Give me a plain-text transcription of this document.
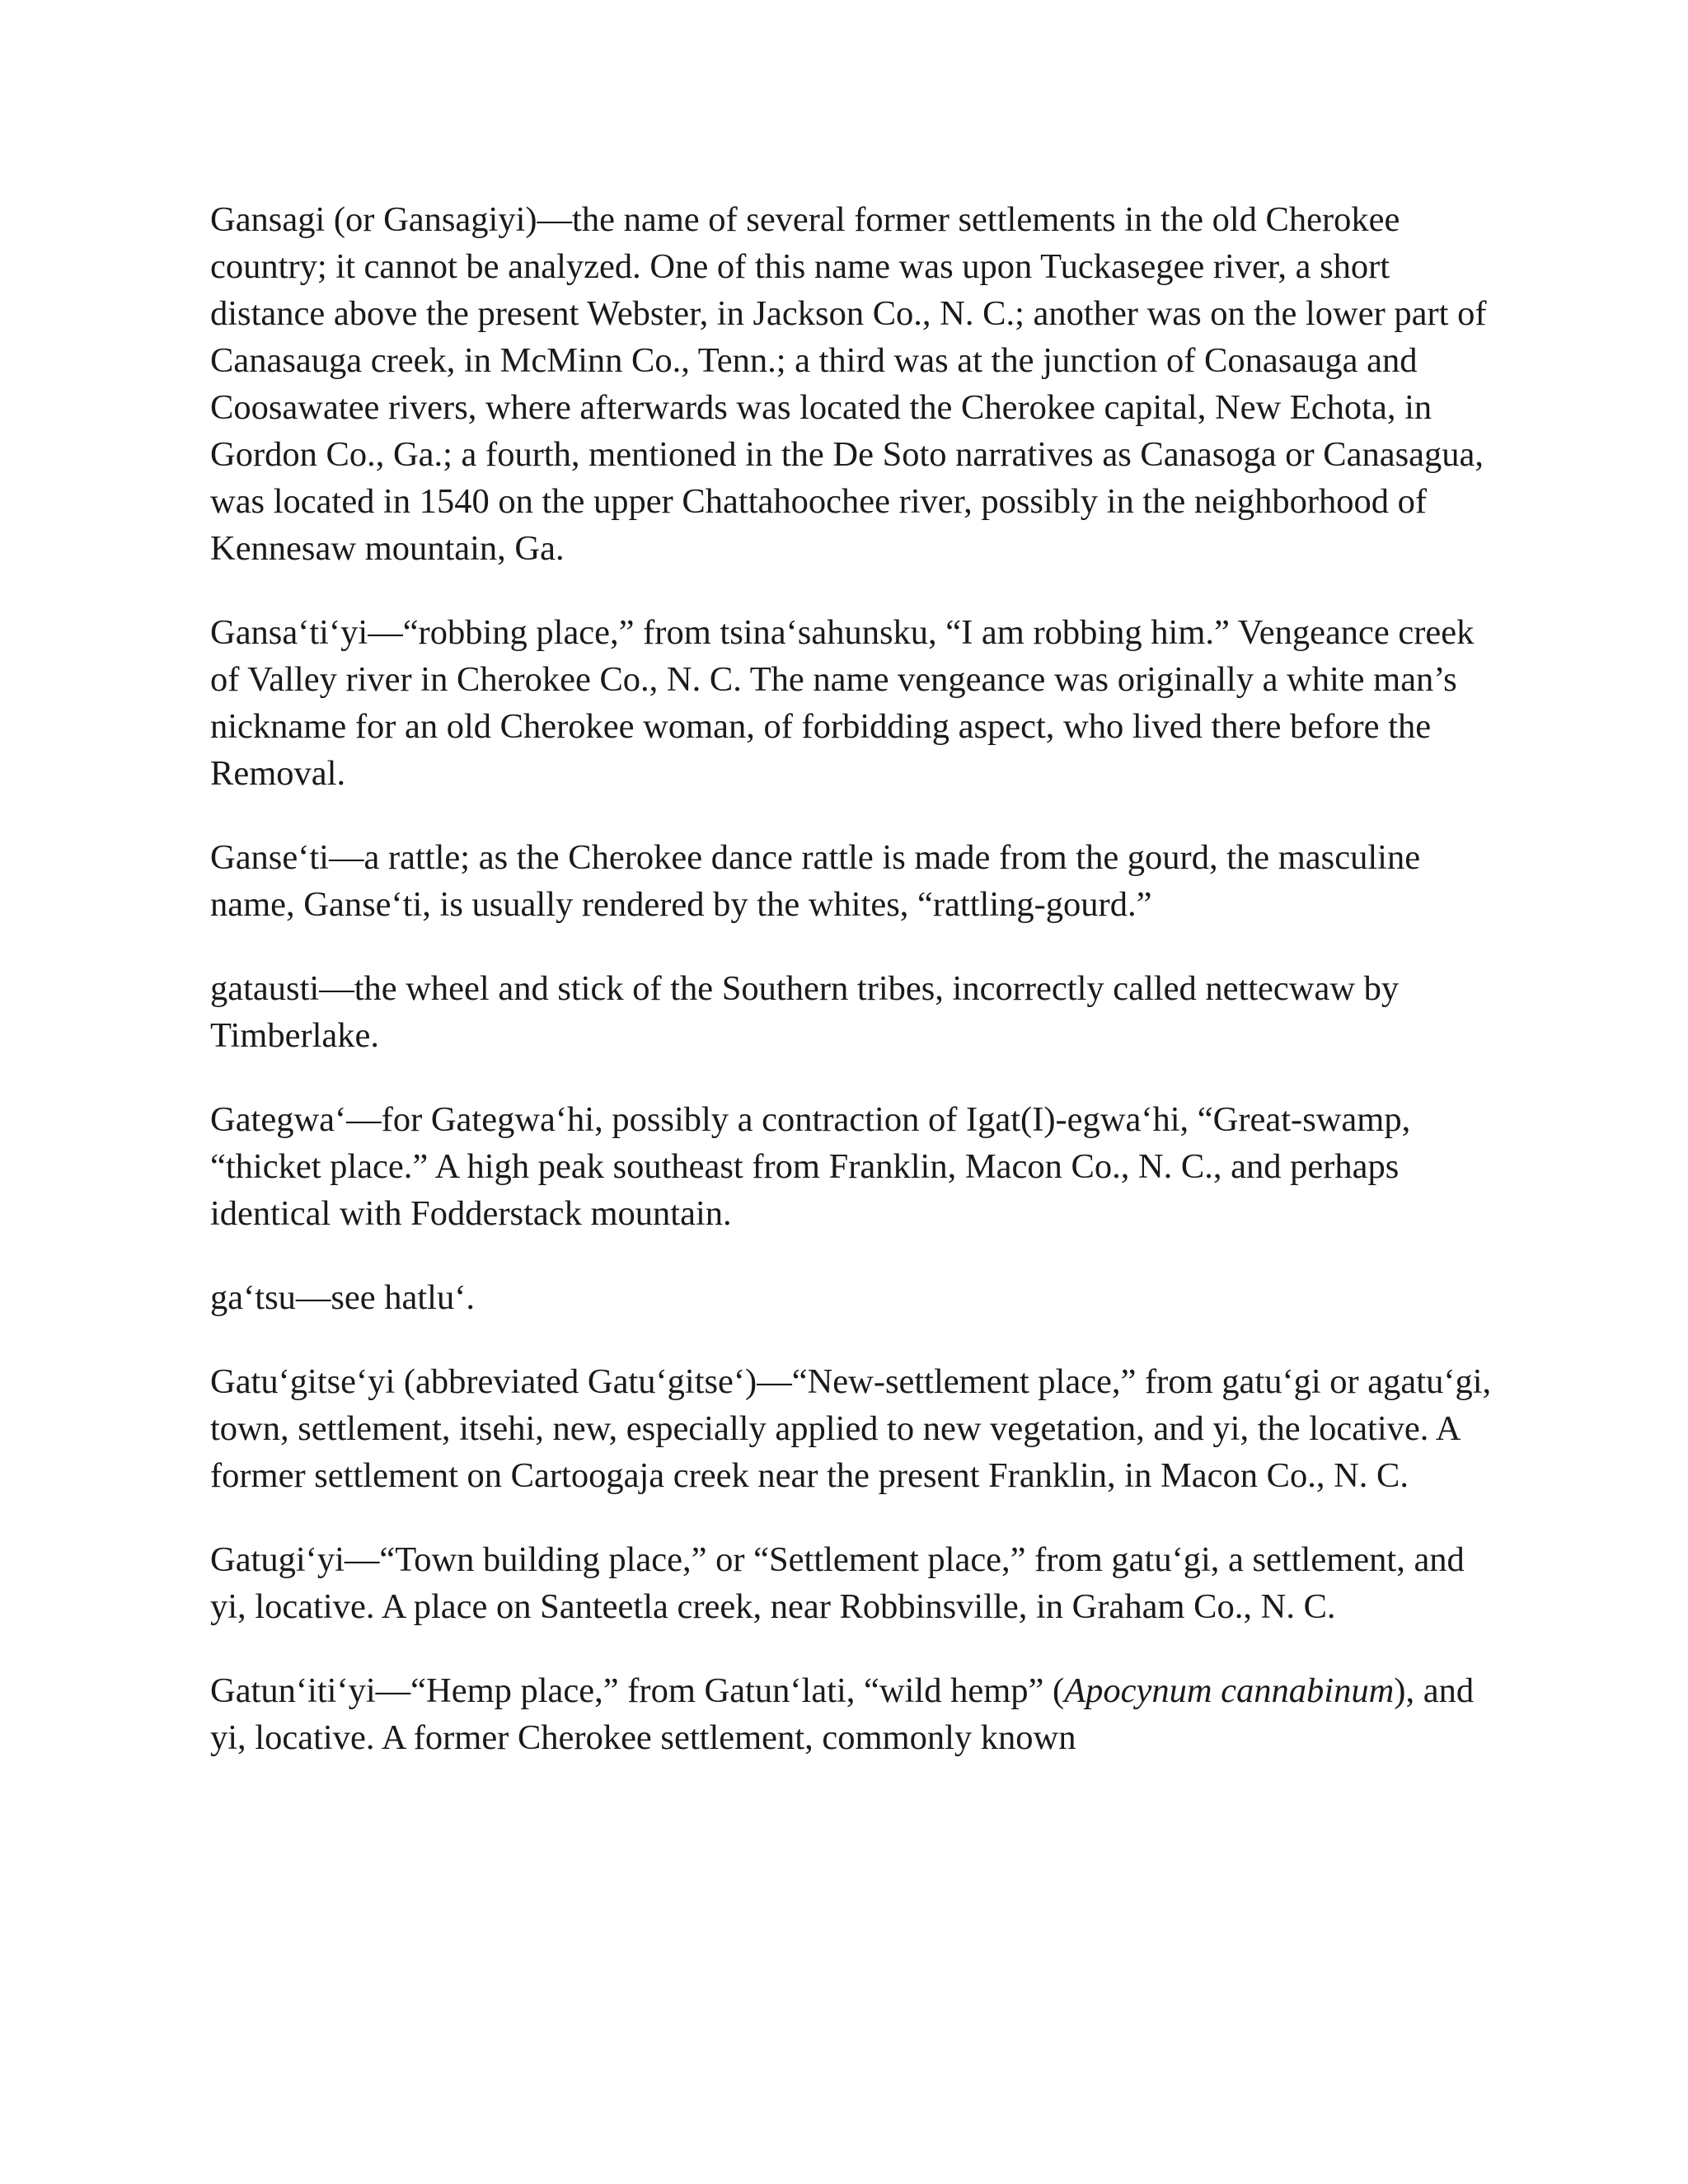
Gansagi (or Gansagiyi)—the name of several former settlements in the old Cherokee country; it cannot be analyzed. One of this name was upon Tuckasegee river, a short distance above the present Webster, in Jackson Co., N. C.; another was on the lower part of Canasauga creek, in McMinn Co., Tenn.; a third was at the junction of Conasauga and Coosawatee rivers, where afterwards was located the Cherokee capital, New Echota, in Gordon Co., Ga.; a fourth, mentioned in the De Soto narratives as Canasoga or Canasagua, was located in 1540 on the upper Chattahoochee river, possibly in the neighborhood of Kennesaw mountain, Ga.

Gansa‘ti‘yi—“robbing place,” from tsina‘sahunsku, “I am robbing him.” Vengeance creek of Valley river in Cherokee Co., N. C. The name vengeance was originally a white man’s nickname for an old Cherokee woman, of forbidding aspect, who lived there before the Removal.

Ganse‘ti—a rattle; as the Cherokee dance rattle is made from the gourd, the masculine name, Ganse‘ti, is usually rendered by the whites, “rattling-gourd.”

gatausti—the wheel and stick of the Southern tribes, incorrectly called nettecwaw by Timberlake.

Gategwa‘—for Gategwa‘hi, possibly a contraction of Igat(I)-egwa‘hi, “Great-swamp, “thicket place.” A high peak southeast from Franklin, Macon Co., N. C., and perhaps identical with Fodderstack mountain.

ga‘tsu—see hatlu‘.

Gatu‘gitse‘yi (abbreviated Gatu‘gitse‘)—“New-settlement place,” from gatu‘gi or agatu‘gi, town, settlement, itsehi, new, especially applied to new vegetation, and yi, the locative. A former settlement on Cartoogaja creek near the present Franklin, in Macon Co., N. C.

Gatugi‘yi—“Town building place,” or “Settlement place,” from gatu‘gi, a settlement, and yi, locative. A place on Santeetla creek, near Robbinsville, in Graham Co., N. C.

Gatun‘iti‘yi—“Hemp place,” from Gatun‘lati, “wild hemp” (Apocynum cannabinum), and yi, locative. A former Cherokee settlement, commonly known
